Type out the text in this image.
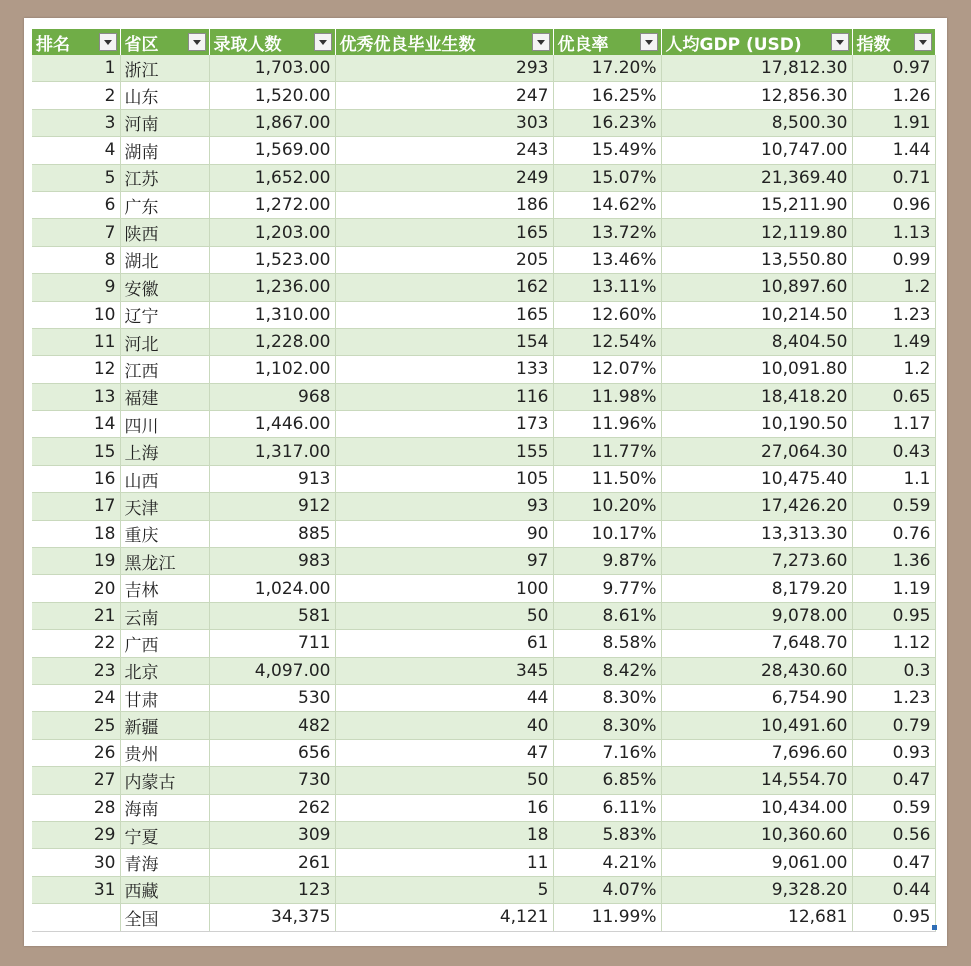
排名	省区	录取人数	优秀优良毕业生数	优良率	人均GDP (USD)	指数

1	浙江	1,703.00	293	17.20%	17,812.30	0.97
2	山东	1,520.00	247	16.25%	12,856.30	1.26
3	河南	1,867.00	303	16.23%	8,500.30	1.91
4	湖南	1,569.00	243	15.49%	10,747.00	1.44
5	江苏	1,652.00	249	15.07%	21,369.40	0.71
6	广东	1,272.00	186	14.62%	15,211.90	0.96
7	陕西	1,203.00	165	13.72%	12,119.80	1.13
8	湖北	1,523.00	205	13.46%	13,550.80	0.99
9	安徽	1,236.00	162	13.11%	10,897.60	1.2
10	辽宁	1,310.00	165	12.60%	10,214.50	1.23
11	河北	1,228.00	154	12.54%	8,404.50	1.49
12	江西	1,102.00	133	12.07%	10,091.80	1.2
13	福建	968	116	11.98%	18,418.20	0.65
14	四川	1,446.00	173	11.96%	10,190.50	1.17
15	上海	1,317.00	155	11.77%	27,064.30	0.43
16	山西	913	105	11.50%	10,475.40	1.1
17	天津	912	93	10.20%	17,426.20	0.59
18	重庆	885	90	10.17%	13,313.30	0.76
19	黑龙江	983	97	9.87%	7,273.60	1.36
20	吉林	1,024.00	100	9.77%	8,179.20	1.19
21	云南	581	50	8.61%	9,078.00	0.95
22	广西	711	61	8.58%	7,648.70	1.12
23	北京	4,097.00	345	8.42%	28,430.60	0.3
24	甘肃	530	44	8.30%	6,754.90	1.23
25	新疆	482	40	8.30%	10,491.60	0.79
26	贵州	656	47	7.16%	7,696.60	0.93
27	内蒙古	730	50	6.85%	14,554.70	0.47
28	海南	262	16	6.11%	10,434.00	0.59
29	宁夏	309	18	5.83%	10,360.60	0.56
30	青海	261	11	4.21%	9,061.00	0.47
31	西藏	123	5	4.07%	9,328.20	0.44
	全国	34,375	4,121	11.99%	12,681	0.95
